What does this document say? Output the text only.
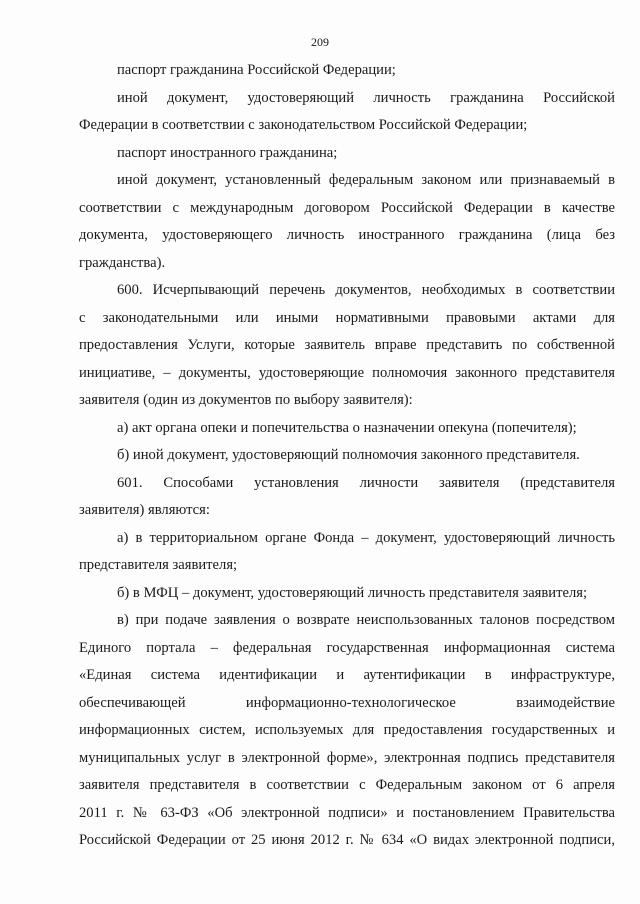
209
паспорт гражданина Российской Федерации;
иной документ, удостоверяющий личность гражданина Российской
Федерации в соответствии с законодательством Российской Федерации;
паспорт иностранного гражданина;
иной документ, установленный федеральным законом или признаваемый в
соответствии с международным договором Российской Федерации в качестве
документа, удостоверяющего личность иностранного гражданина (лица без
гражданства).
600. Исчерпывающий перечень документов, необходимых в соответствии
с законодательными или иными нормативными правовыми актами для
предоставления Услуги, которые заявитель вправе представить по собственной
инициативе, – документы, удостоверяющие полномочия законного представителя
заявителя (один из документов по выбору заявителя):
а) акт органа опеки и попечительства о назначении опекуна (попечителя);
б) иной документ, удостоверяющий полномочия законного представителя.
601. Способами установления личности заявителя (представителя
заявителя) являются:
а) в территориальном органе Фонда – документ, удостоверяющий личность
представителя заявителя;
б) в МФЦ – документ, удостоверяющий личность представителя заявителя;
в) при подаче заявления о возврате неиспользованных талонов посредством
Единого портала – федеральная государственная информационная система
«Единая система идентификации и аутентификации в инфраструктуре,
обеспечивающей информационно-технологическое взаимодействие
информационных систем, используемых для предоставления государственных и
муниципальных услуг в электронной форме», электронная подпись представителя
заявителя представителя в соответствии с Федеральным законом от 6 апреля
2011 г. № 63-ФЗ «Об электронной подписи» и постановлением Правительства
Российской Федерации от 25 июня 2012 г. № 634 «О видах электронной подписи,
